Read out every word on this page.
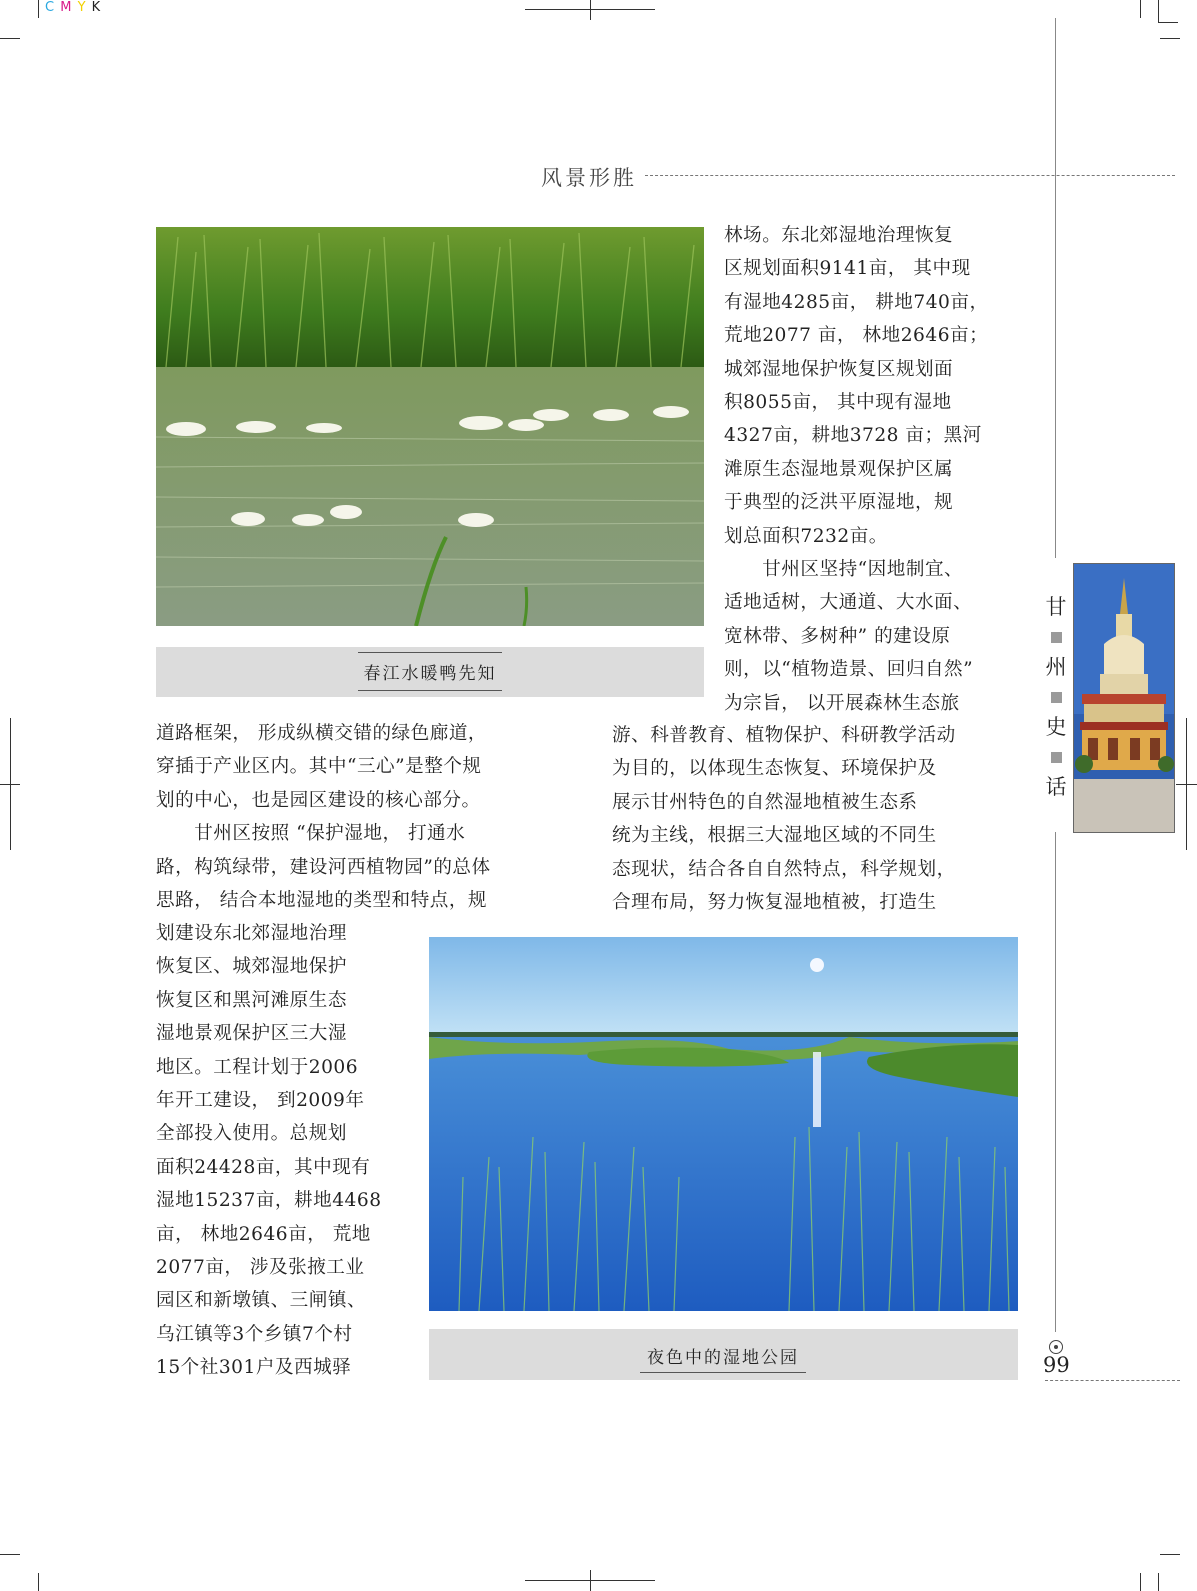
C M Y K
风景形胜
春江水暖鸭先知
林场。东北郊湿地治理恢复
区规划面积9141亩， 其中现
有湿地4285亩， 耕地740亩，
荒地2077 亩， 林地2646亩；
城郊湿地保护恢复区规划面
积8055亩， 其中现有湿地
4327亩，耕地3728 亩；黑河
滩原生态湿地景观保护区属
于典型的泛洪平原湿地，规
划总面积7232亩。
　　甘州区坚持“因地制宜、
适地适树，大通道、大水面、
宽林带、多树种” 的建设原
则，以“植物造景、回归自然”
为宗旨， 以开展森林生态旅
道路框架， 形成纵横交错的绿色廊道，
穿插于产业区内。其中“三心”是整个规
划的中心，也是园区建设的核心部分。
　　甘州区按照 “保护湿地， 打通水
路，构筑绿带，建设河西植物园”的总体
思路， 结合本地湿地的类型和特点，规
游、科普教育、植物保护、科研教学活动
为目的，以体现生态恢复、环境保护及
展示甘州特色的自然湿地植被生态系
统为主线，根据三大湿地区域的不同生
态现状，结合各自自然特点，科学规划，
合理布局，努力恢复湿地植被，打造生
划建设东北郊湿地治理
恢复区、城郊湿地保护
恢复区和黑河滩原生态
湿地景观保护区三大湿
地区。工程计划于2006
年开工建设， 到2009年
全部投入使用。总规划
面积24428亩，其中现有
湿地15237亩，耕地4468
亩， 林地2646亩， 荒地
2077亩， 涉及张掖工业
园区和新墩镇、三闸镇、
乌江镇等3个乡镇7个村
15个社301户及西城驿	夜色中的湿地公园
甘
州
史
话
99
